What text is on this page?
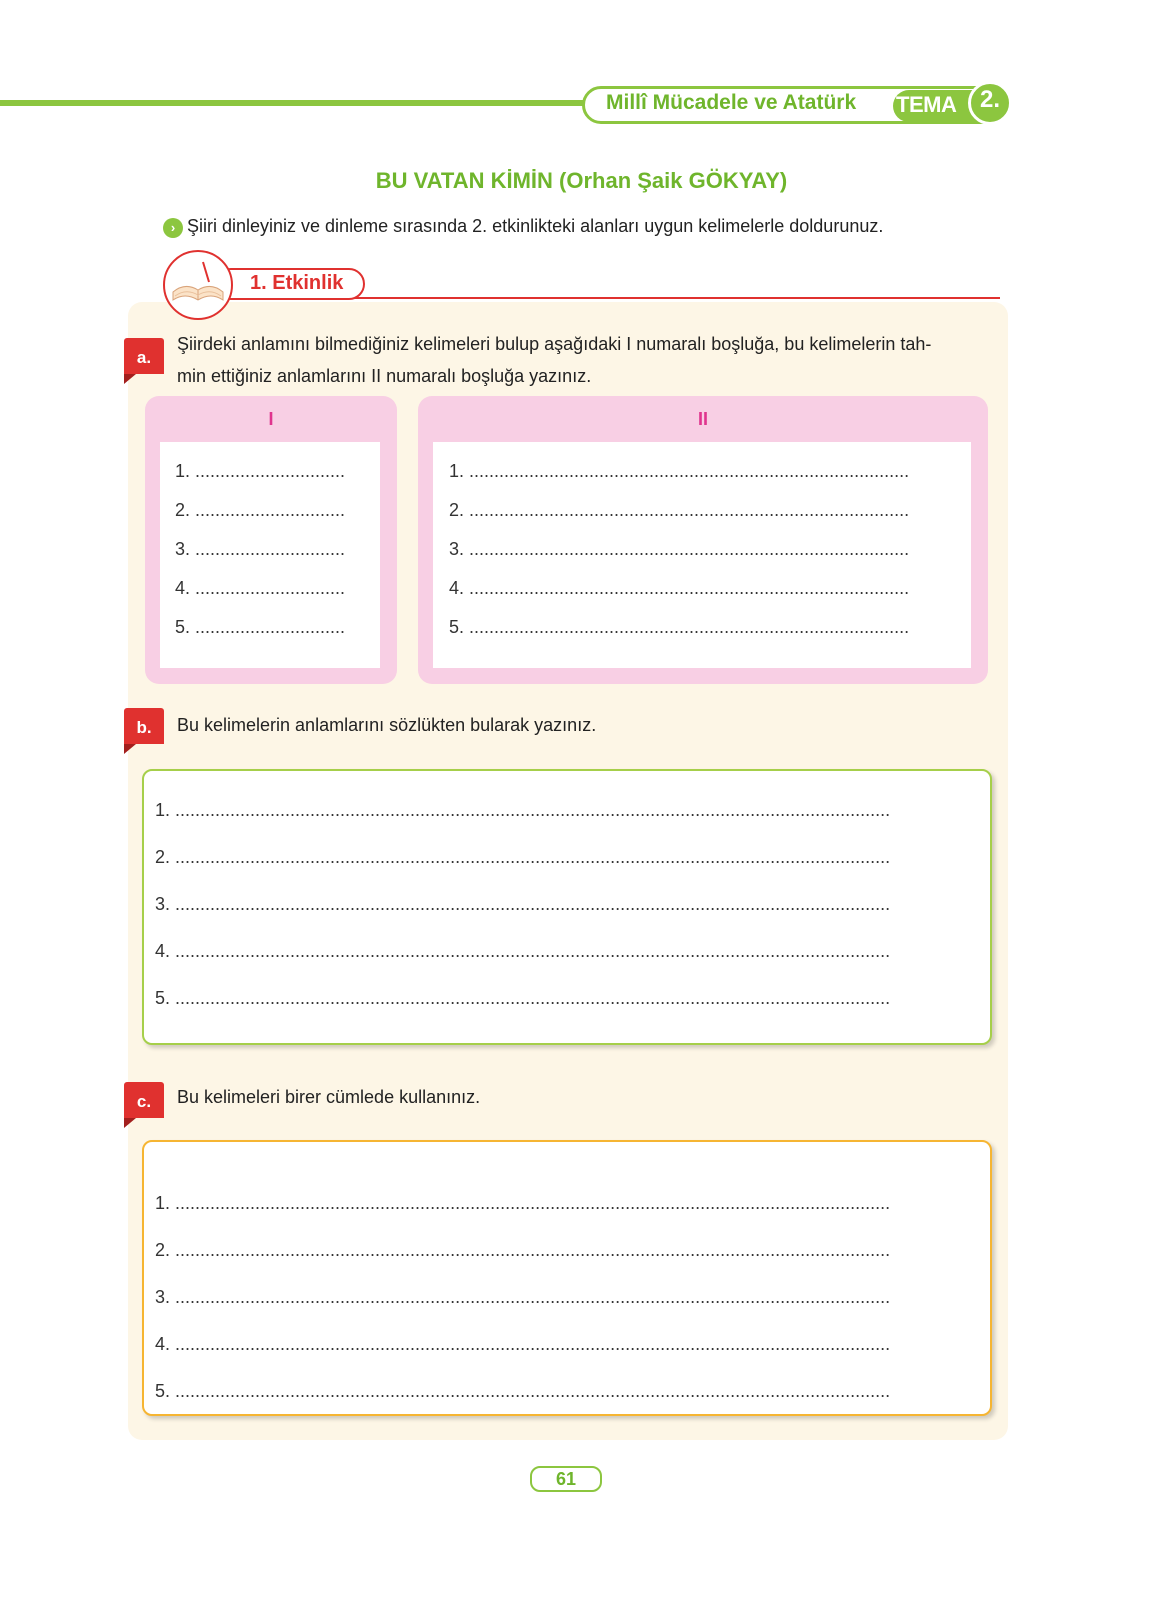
Millî Mücadele ve Atatürk TEMA 2.
BU VATAN KİMİN (Orhan Şaik GÖKYAY)
› Şiiri dinleyiniz ve dinleme sırasında 2. etkinlikteki alanları uygun kelimelerle doldurunuz.
1. Etkinlik
a.
Şiirdeki anlamını bilmediğiniz kelimeleri bulup aşağıdaki I numaralı boşluğa, bu kelimelerin tah-
min ettiğiniz anlamlarını II numaralı boşluğa yazınız.
I
1. ..............................
2. ..............................
3. ..............................
4. ..............................
5. ..............................
II
1. ........................................................................................
2. ........................................................................................
3. ........................................................................................
4. ........................................................................................
5. ........................................................................................
b.	Bu kelimelerin anlamlarını sözlükten bularak yazınız.
1. ...............................................................................................................................................
2. ...............................................................................................................................................
3. ...............................................................................................................................................
4. ...............................................................................................................................................
5. ...............................................................................................................................................
c.	Bu kelimeleri birer cümlede kullanınız.
1. ...............................................................................................................................................
2. ...............................................................................................................................................
3. ...............................................................................................................................................
4. ...............................................................................................................................................
5. ...............................................................................................................................................
61
